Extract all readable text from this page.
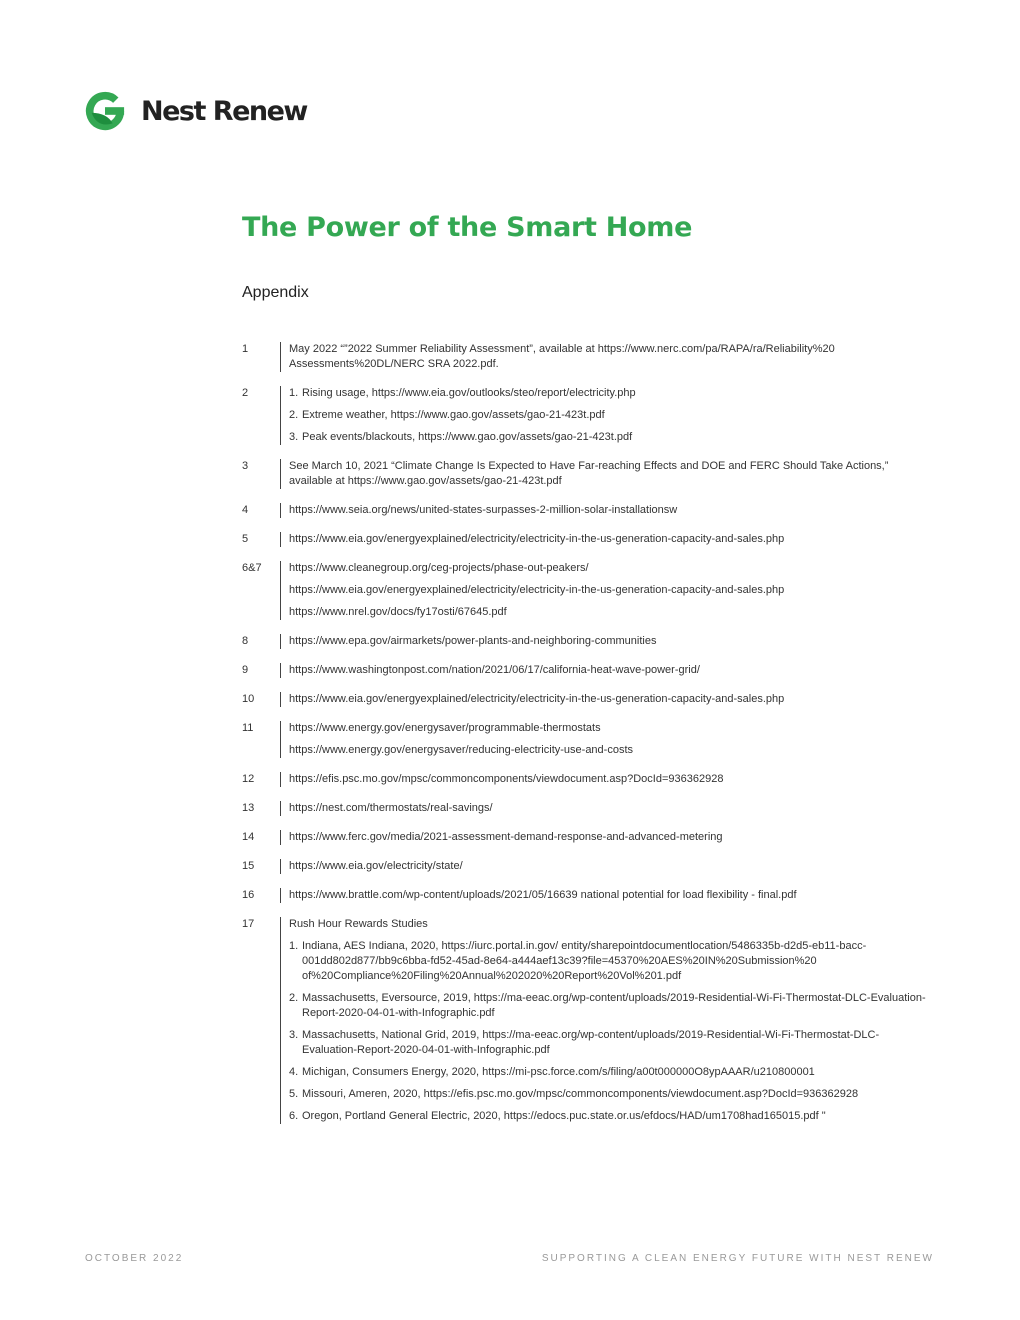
Nest Renew
The Power of the Smart Home
Appendix
1	May 2022 “”2022 Summer Reliability Assessment”, available at https://www.nerc.com/pa/RAPA/ra/Reliability%20 Assessments%20DL/NERC SRA 2022.pdf.
2	1. Rising usage, https://www.eia.gov/outlooks/steo/report/electricity.php
2. Extreme weather, https://www.gao.gov/assets/gao-21-423t.pdf
3. Peak events/blackouts, https://www.gao.gov/assets/gao-21-423t.pdf
3	See March 10, 2021 “Climate Change Is Expected to Have Far-reaching Effects and DOE and FERC Should Take Actions,” available at https://www.gao.gov/assets/gao-21-423t.pdf
4	https://www.seia.org/news/united-states-surpasses-2-million-solar-installationsw
5	https://www.eia.gov/energyexplained/electricity/electricity-in-the-us-generation-capacity-and-sales.php
6&7	https://www.cleanegroup.org/ceg-projects/phase-out-peakers/
https://www.eia.gov/energyexplained/electricity/electricity-in-the-us-generation-capacity-and-sales.php
https://www.nrel.gov/docs/fy17osti/67645.pdf
8	https://www.epa.gov/airmarkets/power-plants-and-neighboring-communities
9	https://www.washingtonpost.com/nation/2021/06/17/california-heat-wave-power-grid/
10	https://www.eia.gov/energyexplained/electricity/electricity-in-the-us-generation-capacity-and-sales.php
11	https://www.energy.gov/energysaver/programmable-thermostats
https://www.energy.gov/energysaver/reducing-electricity-use-and-costs
12	https://efis.psc.mo.gov/mpsc/commoncomponents/viewdocument.asp?DocId=936362928
13	https://nest.com/thermostats/real-savings/
14	https://www.ferc.gov/media/2021-assessment-demand-response-and-advanced-metering
15	https://www.eia.gov/electricity/state/
16	https://www.brattle.com/wp-content/uploads/2021/05/16639 national potential for load flexibility - final.pdf
17	Rush Hour Rewards Studies
1. Indiana, AES Indiana, 2020, https://iurc.portal.in.gov/ entity/sharepointdocumentlocation/5486335b-d2d5-eb11-bacc-001dd802d877/bb9c6bba-fd52-45ad-8e64-a444aef13c39?file=45370%20AES%20IN%20Submission%20 of%20Compliance%20Filing%20Annual%202020%20Report%20Vol%201.pdf
2. Massachusetts, Eversource, 2019, https://ma-eeac.org/wp-content/uploads/2019-Residential-Wi-Fi-Thermostat-DLC-Evaluation-Report-2020-04-01-with-Infographic.pdf
3. Massachusetts, National Grid, 2019, https://ma-eeac.org/wp-content/uploads/2019-Residential-Wi-Fi-Thermostat-DLC-Evaluation-Report-2020-04-01-with-Infographic.pdf
4. Michigan, Consumers Energy, 2020, https://mi-psc.force.com/s/filing/a00t000000O8ypAAAR/u210800001
5. Missouri, Ameren, 2020, https://efis.psc.mo.gov/mpsc/commoncomponents/viewdocument.asp?DocId=936362928
6. Oregon, Portland General Electric, 2020, https://edocs.puc.state.or.us/efdocs/HAD/um1708had165015.pdf "
OCTOBER 2022	SUPPORTING A CLEAN ENERGY FUTURE WITH NEST RENEW
